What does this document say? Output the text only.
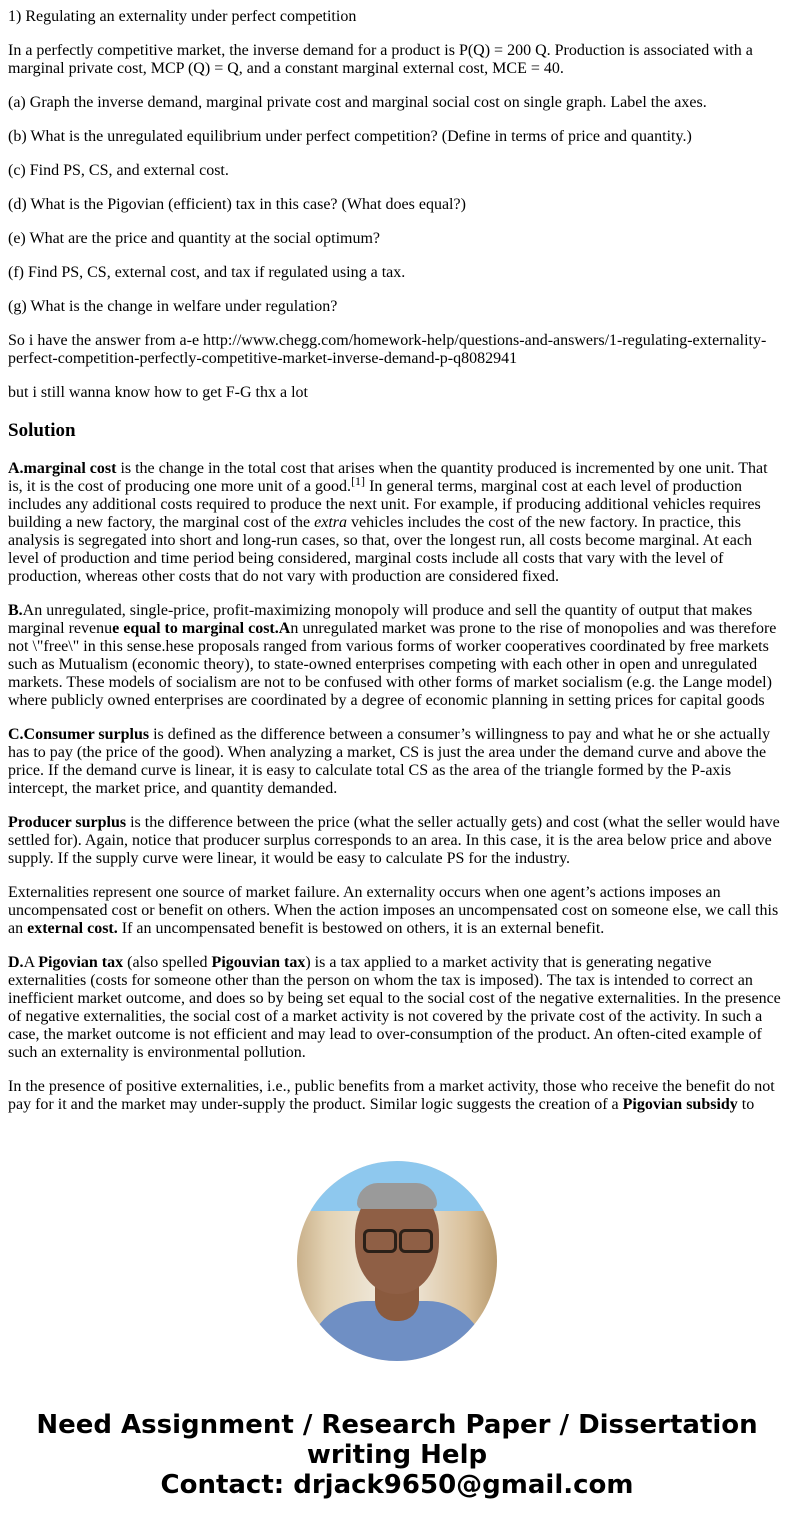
1) Regulating an externality under perfect competition

In a perfectly competitive market, the inverse demand for a product is P(Q) = 200 Q. Production is associated with a marginal private cost, MCP (Q) = Q, and a constant marginal external cost, MCE = 40.

(a) Graph the inverse demand, marginal private cost and marginal social cost on single graph. Label the axes.

(b) What is the unregulated equilibrium under perfect competition? (Define in terms of price and quantity.)

(c) Find PS, CS, and external cost.

(d) What is the Pigovian (efficient) tax in this case? (What does equal?)

(e) What are the price and quantity at the social optimum?

(f) Find PS, CS, external cost, and tax if regulated using a tax.

(g) What is the change in welfare under regulation?

So i have the answer from a-e http://www.chegg.com/homework-help/questions-and-answers/1-regulating-externality-perfect-competition-perfectly-competitive-market-inverse-demand-p-q8082941

but i still wanna know how to get F-G thx a lot

Solution

A.marginal cost is the change in the total cost that arises when the quantity produced is incremented by one unit. That is, it is the cost of producing one more unit of a good.[1] In general terms, marginal cost at each level of production includes any additional costs required to produce the next unit. For example, if producing additional vehicles requires building a new factory, the marginal cost of the extra vehicles includes the cost of the new factory. In practice, this analysis is segregated into short and long-run cases, so that, over the longest run, all costs become marginal. At each level of production and time period being considered, marginal costs include all costs that vary with the level of production, whereas other costs that do not vary with production are considered fixed.

B.An unregulated, single-price, profit-maximizing monopoly will produce and sell the quantity of output that makes marginal revenue equal to marginal cost.An unregulated market was prone to the rise of monopolies and was therefore not \"free\" in this sense.hese proposals ranged from various forms of worker cooperatives coordinated by free markets such as Mutualism (economic theory), to state-owned enterprises competing with each other in open and unregulated markets. These models of socialism are not to be confused with other forms of market socialism (e.g. the Lange model) where publicly owned enterprises are coordinated by a degree of economic planning in setting prices for capital goods

C.Consumer surplus is defined as the difference between a consumer’s willingness to pay and what he or she actually has to pay (the price of the good). When analyzing a market, CS is just the area under the demand curve and above the price. If the demand curve is linear, it is easy to calculate total CS as the area of the triangle formed by the P-axis intercept, the market price, and quantity demanded.

Producer surplus is the difference between the price (what the seller actually gets) and cost (what the seller would have settled for). Again, notice that producer surplus corresponds to an area. In this case, it is the area below price and above supply. If the supply curve were linear, it would be easy to calculate PS for the industry.

Externalities represent one source of market failure. An externality occurs when one agent’s actions imposes an uncompensated cost or benefit on others. When the action imposes an uncompensated cost on someone else, we call this an external cost. If an uncompensated benefit is bestowed on others, it is an external benefit.

D.A Pigovian tax (also spelled Pigouvian tax) is a tax applied to a market activity that is generating negative externalities (costs for someone other than the person on whom the tax is imposed). The tax is intended to correct an inefficient market outcome, and does so by being set equal to the social cost of the negative externalities. In the presence of negative externalities, the social cost of a market activity is not covered by the private cost of the activity. In such a case, the market outcome is not efficient and may lead to over-consumption of the product. An often-cited example of such an externality is environmental pollution.

In the presence of positive externalities, i.e., public benefits from a market activity, those who receive the benefit do not pay for it and the market may under-supply the product. Similar logic suggests the creation of a Pigovian subsidy to

Need Assignment / Research Paper / Dissertation writing Help
Contact: drjack9650@gmail.com
